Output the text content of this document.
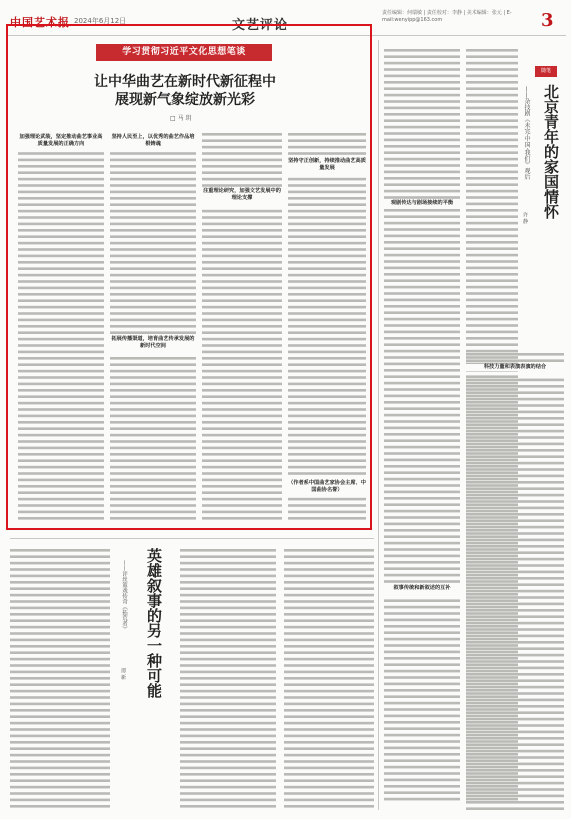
中国艺术报 2024年6月12日	文艺评论
责任编辑：何瑞敏 | 责任校对：李静 | 美术编辑：张元 | E-mail:wenyipp@163.com	3
学习贯彻习近平文化思想笔谈
让中华曲艺在新时代新征程中
展现新气象绽放新光彩
□ 马 玥
加强理论武装，坚定推动曲艺事业高质量发展的正确方向
坚持人民至上，以优秀的曲艺作品培根铸魂
拓展传播渠道，培育曲艺传承发展的新时代空间
注重理论研究，加强文艺发展中的理论支撑
坚持守正创新，持续推动曲艺高质量发展
（作者系中国曲艺家协会主席、中国曲协名誉）
随笔
北京青年的家国情怀
——杂技剧《未完·中国·我们》观后
许 静
观剧传达与剧场接续的平衡
叙事传统和新叙述的互补
科技力量和表演表演的结合
英雄叙事的另一种可能
——评丝篮戏传奇《拓荒者》
谭 新
